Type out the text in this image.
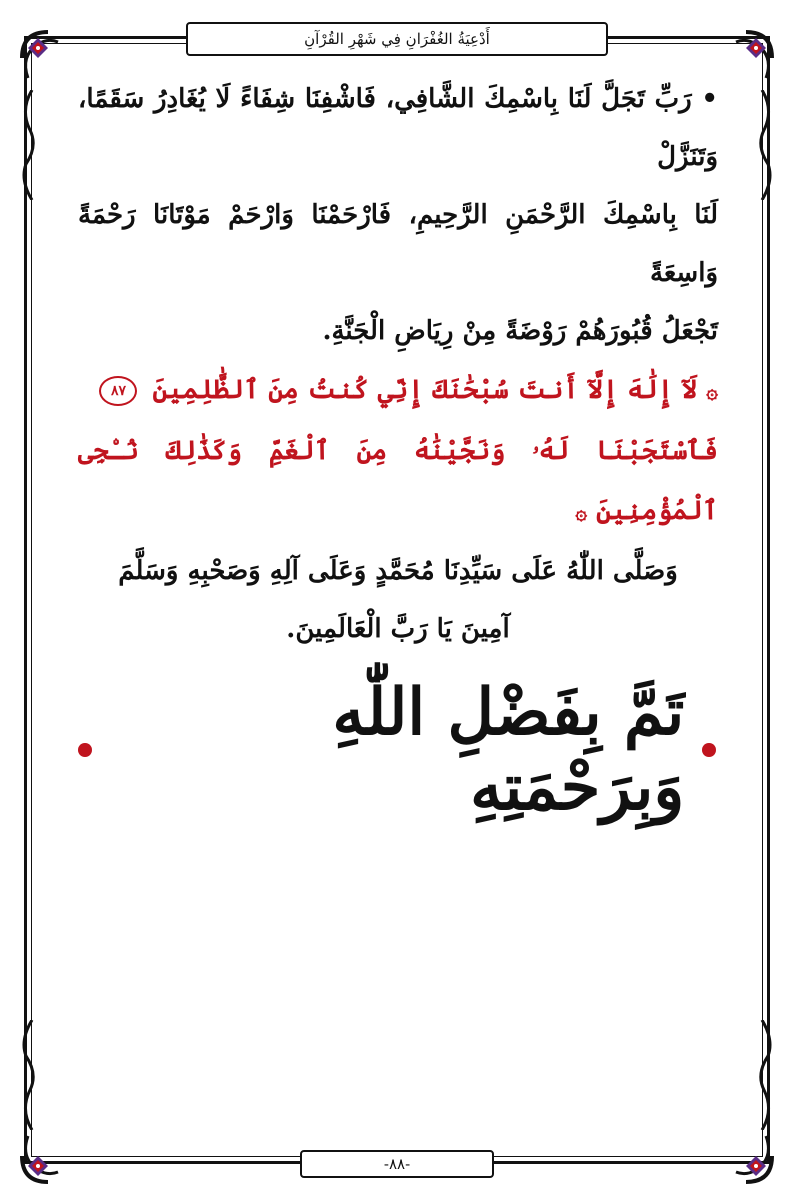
أَدْعِيَةُ الغُفْرَانِ فِي شَهْرِ القُرْآنِ

• رَبِّ تَجَلَّ لَنَا بِاسْمِكَ الشَّافِي، فَاشْفِنَا شِفَاءً لَا يُغَادِرُ سَقَمًا، وَتَنَزَّلْ

لَنَا بِاسْمِكَ الرَّحْمَنِ الرَّحِيمِ، فَارْحَمْنَا وَارْحَمْ مَوْتَانَا رَحْمَةً وَاسِعَةً

تَجْعَلُ قُبُورَهُمْ رَوْضَةً مِنْ رِيَاضِ الْجَنَّةِ.

۞ لَآ إِلَٰهَ إِلَّآ أَنتَ سُبْحَٰنَكَ إِنِّي كُنتُ مِنَ ٱلظَّٰلِمِينَ ٨٧

فَٱسْتَجَبْنَا لَهُۥ وَنَجَّيْنَٰهُ مِنَ ٱلْغَمِّ وَكَذَٰلِكَ نُـۨجِى ٱلْمُؤْمِنِينَ ۞

وَصَلَّى اللّٰهُ عَلَى سَيِّدِنَا مُحَمَّدٍ وَعَلَى آلِهِ وَصَحْبِهِ وَسَلَّمَ

آمِينَ يَا رَبَّ الْعَالَمِينَ.

تَمَّ بِفَضْلِ اللّٰهِ وَبِرَحْمَتِهِ
-٨٨-
